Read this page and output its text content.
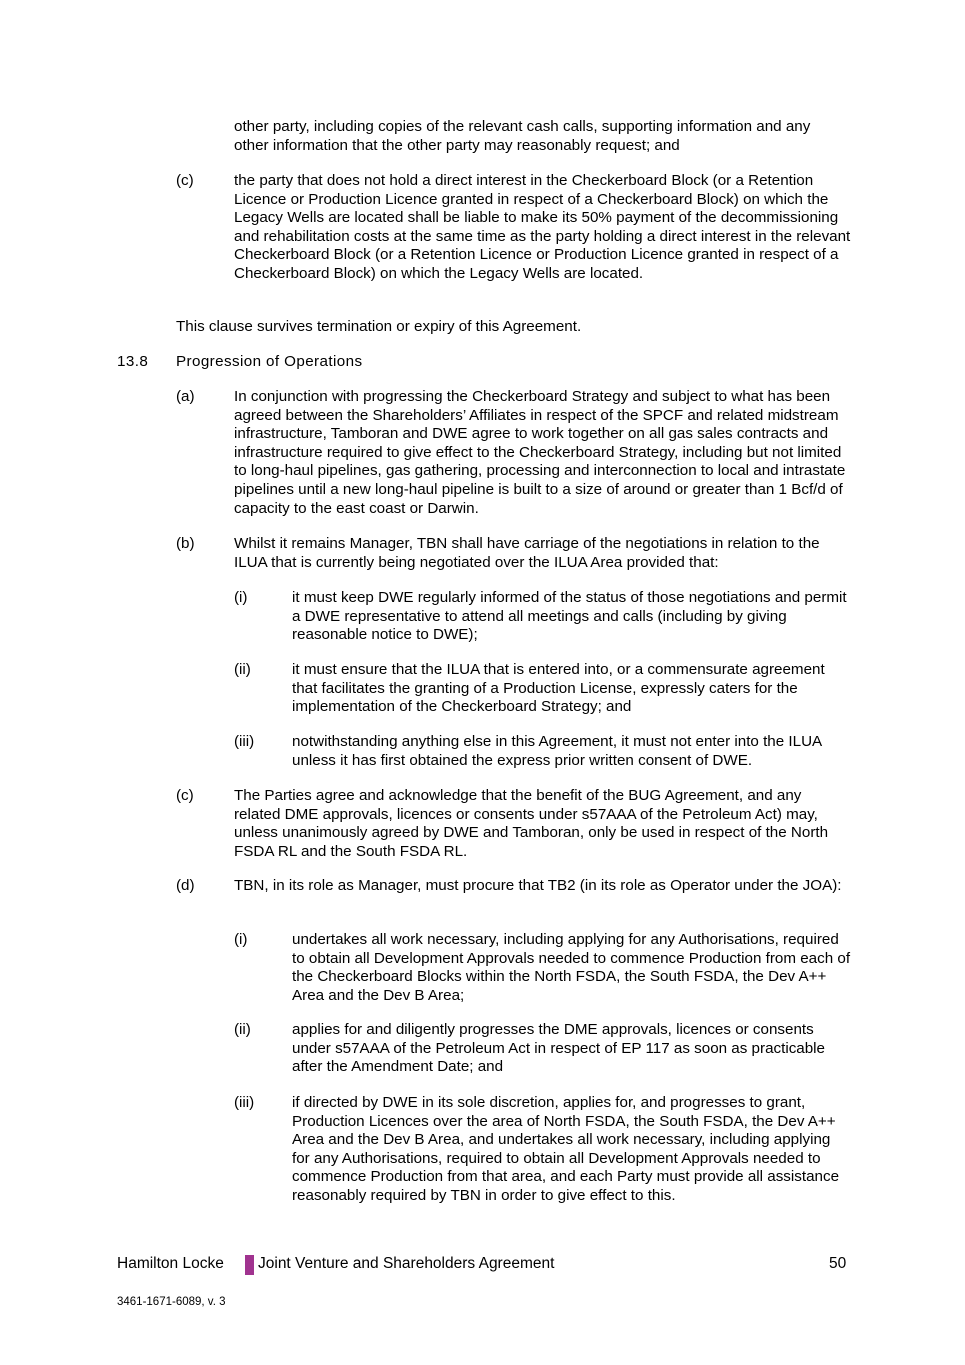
other party, including copies of the relevant cash calls, supporting information and any other information that the other party may reasonably request; and
(c)	the party that does not hold a direct interest in the Checkerboard Block (or a Retention Licence or Production Licence granted in respect of a Checkerboard Block) on which the Legacy Wells are located shall be liable to make its 50% payment of the decommissioning and rehabilitation costs at the same time as the party holding a direct interest in the relevant Checkerboard Block (or a Retention Licence or Production Licence granted in respect of a Checkerboard Block) on which the Legacy Wells are located.
This clause survives termination or expiry of this Agreement.
13.8 Progression of Operations
(a)	In conjunction with progressing the Checkerboard Strategy and subject to what has been agreed between the Shareholders’ Affiliates in respect of the SPCF and related midstream infrastructure, Tamboran and DWE agree to work together on all gas sales contracts and infrastructure required to give effect to the Checkerboard Strategy, including but not limited to long-haul pipelines, gas gathering, processing and interconnection to local and intrastate pipelines until a new long-haul pipeline is built to a size of around or greater than 1 Bcf/d of capacity to the east coast or Darwin.
(b)	Whilst it remains Manager, TBN shall have carriage of the negotiations in relation to the ILUA that is currently being negotiated over the ILUA Area provided that:
(i)	it must keep DWE regularly informed of the status of those negotiations and permit a DWE representative to attend all meetings and calls (including by giving reasonable notice to DWE);
(ii)	it must ensure that the ILUA that is entered into, or a commensurate agreement that facilitates the granting of a Production License, expressly caters for the implementation of the Checkerboard Strategy; and
(iii) notwithstanding anything else in this Agreement, it must not enter into the ILUA unless it has first obtained the express prior written consent of DWE.
(c)	The Parties agree and acknowledge that the benefit of the BUG Agreement, and any related DME approvals, licences or consents under s57AAA of the Petroleum Act) may, unless unanimously agreed by DWE and Tamboran, only be used in respect of the North FSDA RL and the South FSDA RL.
(d)	TBN, in its role as Manager, must procure that TB2 (in its role as Operator under the JOA):
(i)	undertakes all work necessary, including applying for any Authorisations, required to obtain all Development Approvals needed to commence Production from each of the Checkerboard Blocks within the North FSDA, the South FSDA, the Dev A++ Area and the Dev B Area;
(ii)	applies for and diligently progresses the DME approvals, licences or consents under s57AAA of the Petroleum Act in respect of EP 117 as soon as practicable after the Amendment Date; and
(iii) if directed by DWE in its sole discretion, applies for, and progresses to grant, Production Licences over the area of North FSDA, the South FSDA, the Dev A++ Area and the Dev B Area, and undertakes all work necessary, including applying for any Authorisations, required to obtain all Development Approvals needed to commence Production from that area, and each Party must provide all assistance reasonably required by TBN in order to give effect to this.
Hamilton Locke Joint Venture and Shareholders Agreement	50
3461-1671-6089, v. 3
